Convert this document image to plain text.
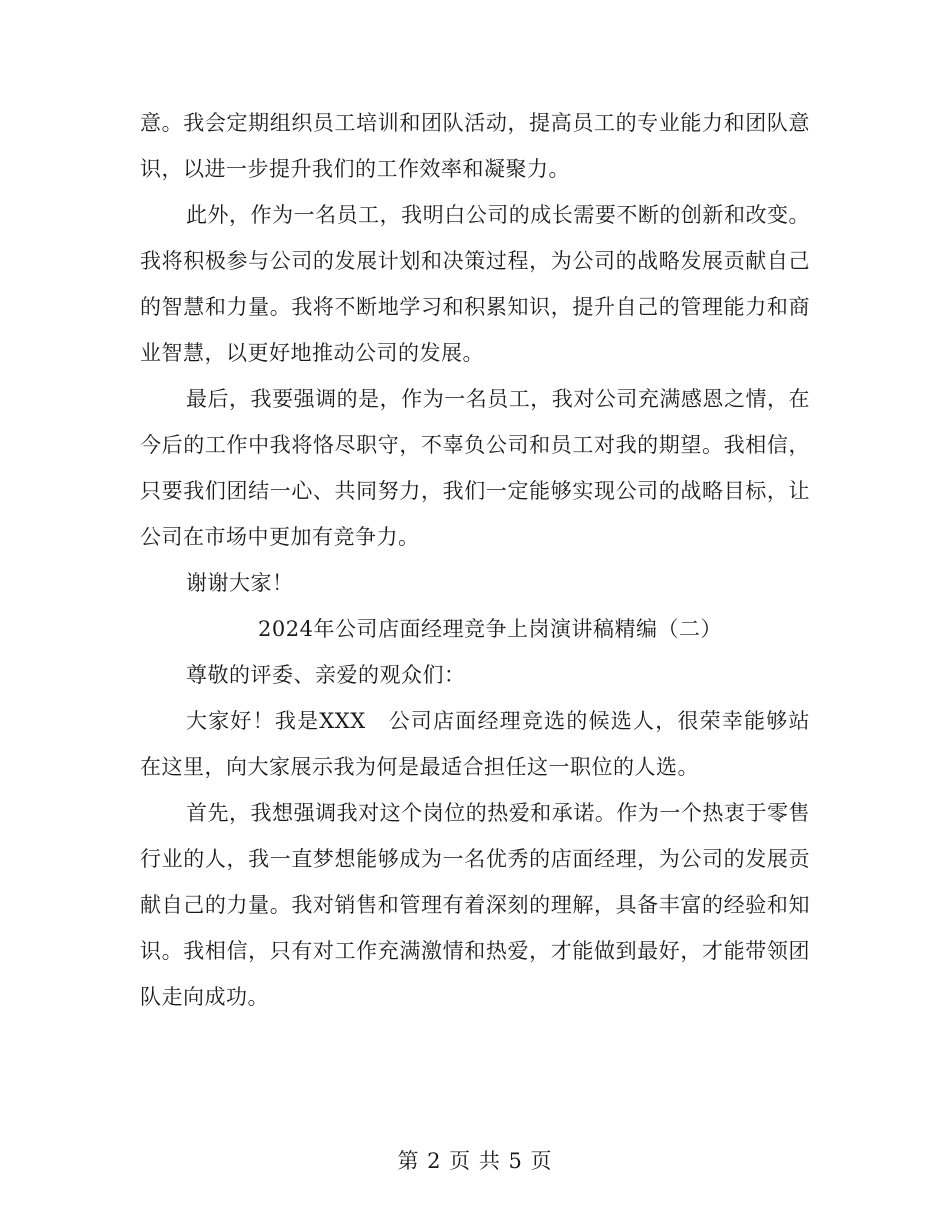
意。我会定期组织员工培训和团队活动，提高员工的专业能力和团队意识，以进一步提升我们的工作效率和凝聚力。

此外，作为一名员工，我明白公司的成长需要不断的创新和改变。我将积极参与公司的发展计划和决策过程，为公司的战略发展贡献自己的智慧和力量。我将不断地学习和积累知识，提升自己的管理能力和商业智慧，以更好地推动公司的发展。

最后，我要强调的是，作为一名员工，我对公司充满感恩之情，在今后的工作中我将恪尽职守，不辜负公司和员工对我的期望。我相信，只要我们团结一心、共同努力，我们一定能够实现公司的战略目标，让公司在市场中更加有竞争力。

谢谢大家！

2024年公司店面经理竞争上岗演讲稿精编（二）

尊敬的评委、亲爱的观众们：

大家好！我是XXX　公司店面经理竞选的候选人，很荣幸能够站在这里，向大家展示我为何是最适合担任这一职位的人选。

首先，我想强调我对这个岗位的热爱和承诺。作为一个热衷于零售行业的人，我一直梦想能够成为一名优秀的店面经理，为公司的发展贡献自己的力量。我对销售和管理有着深刻的理解，具备丰富的经验和知识。我相信，只有对工作充满激情和热爱，才能做到最好，才能带领团队走向成功。

第 2 页 共 5 页
